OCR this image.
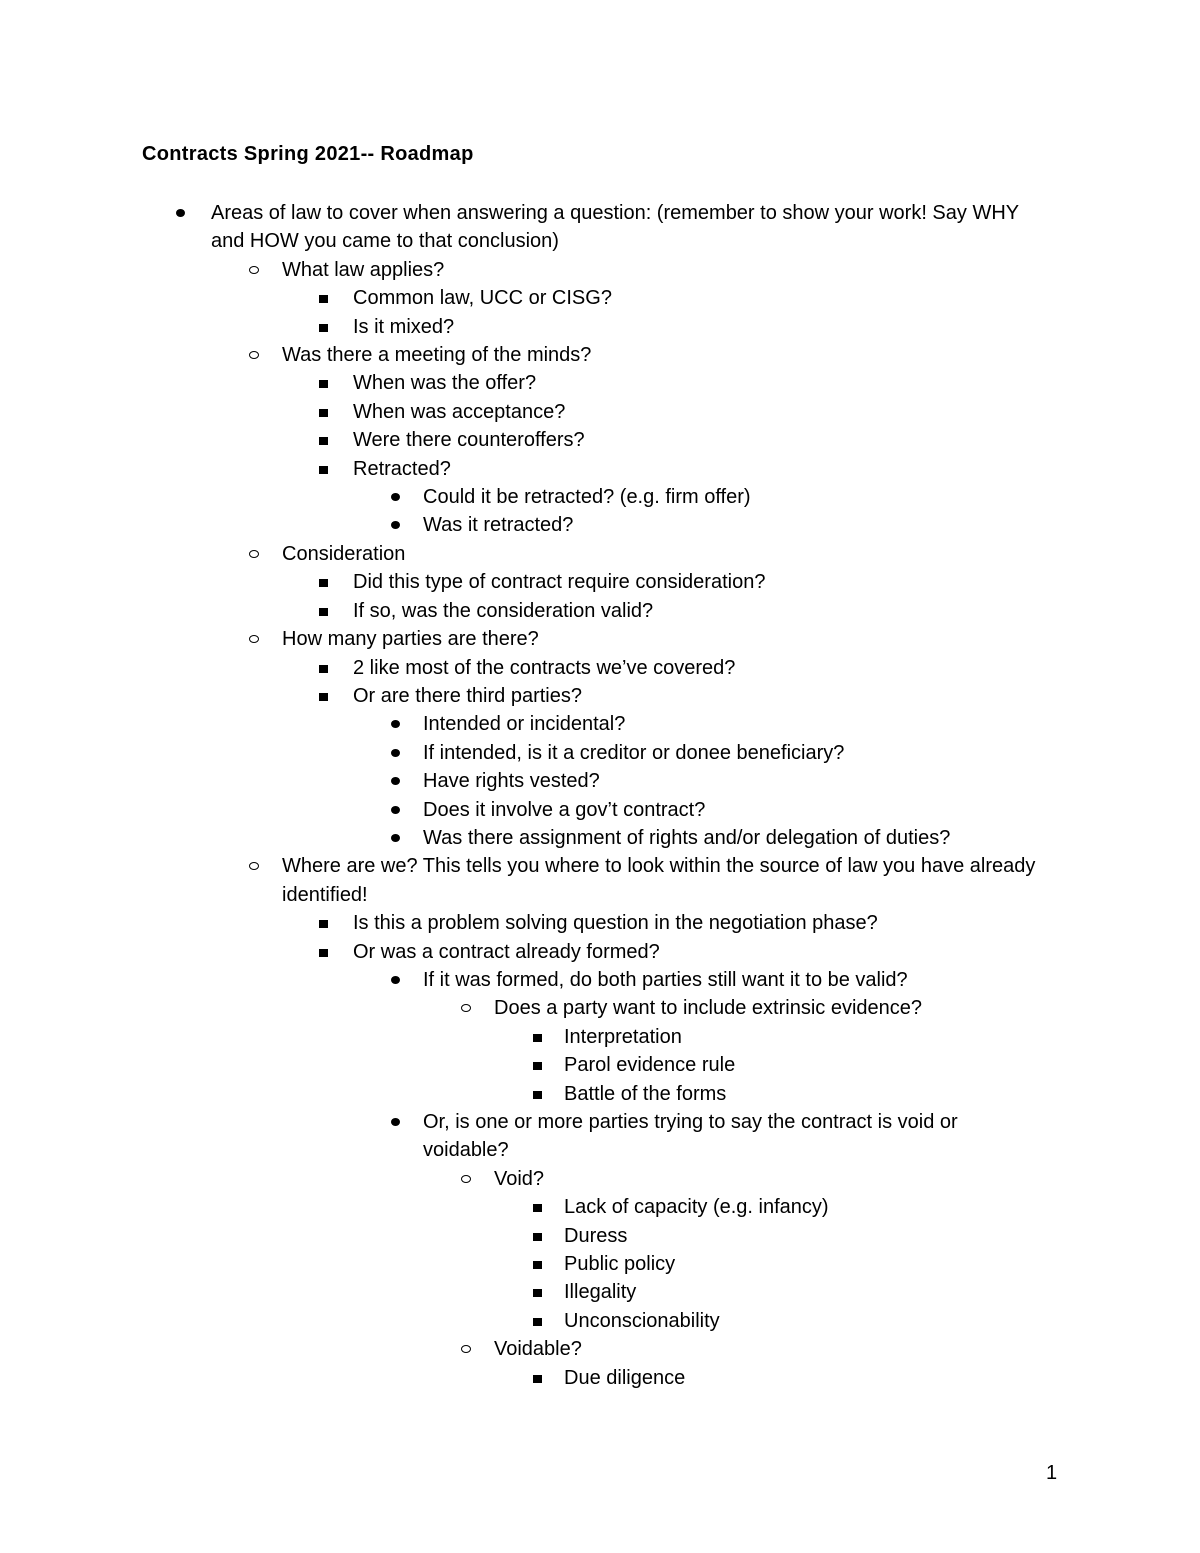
Contracts Spring 2021-- Roadmap
Areas of law to cover when answering a question: (remember to show your work! Say WHY and HOW you came to that conclusion)
What law applies?
Common law, UCC or CISG?
Is it mixed?
Was there a meeting of the minds?
When was the offer?
When was acceptance?
Were there counteroffers?
Retracted?
Could it be retracted? (e.g. firm offer)
Was it retracted?
Consideration
Did this type of contract require consideration?
If so, was the consideration valid?
How many parties are there?
2 like most of the contracts we’ve covered?
Or are there third parties?
Intended or incidental?
If intended, is it a creditor or donee beneficiary?
Have rights vested?
Does it involve a gov’t contract?
Was there assignment of rights and/or delegation of duties?
Where are we? This tells you where to look within the source of law you have already identified!
Is this a problem solving question in the negotiation phase?
Or was a contract already formed?
If it was formed, do both parties still want it to be valid?
Does a party want to include extrinsic evidence?
Interpretation
Parol evidence rule
Battle of the forms
Or, is one or more parties trying to say the contract is void or voidable?
Void?
Lack of capacity (e.g. infancy)
Duress
Public policy
Illegality
Unconscionability
Voidable?
Due diligence
1
